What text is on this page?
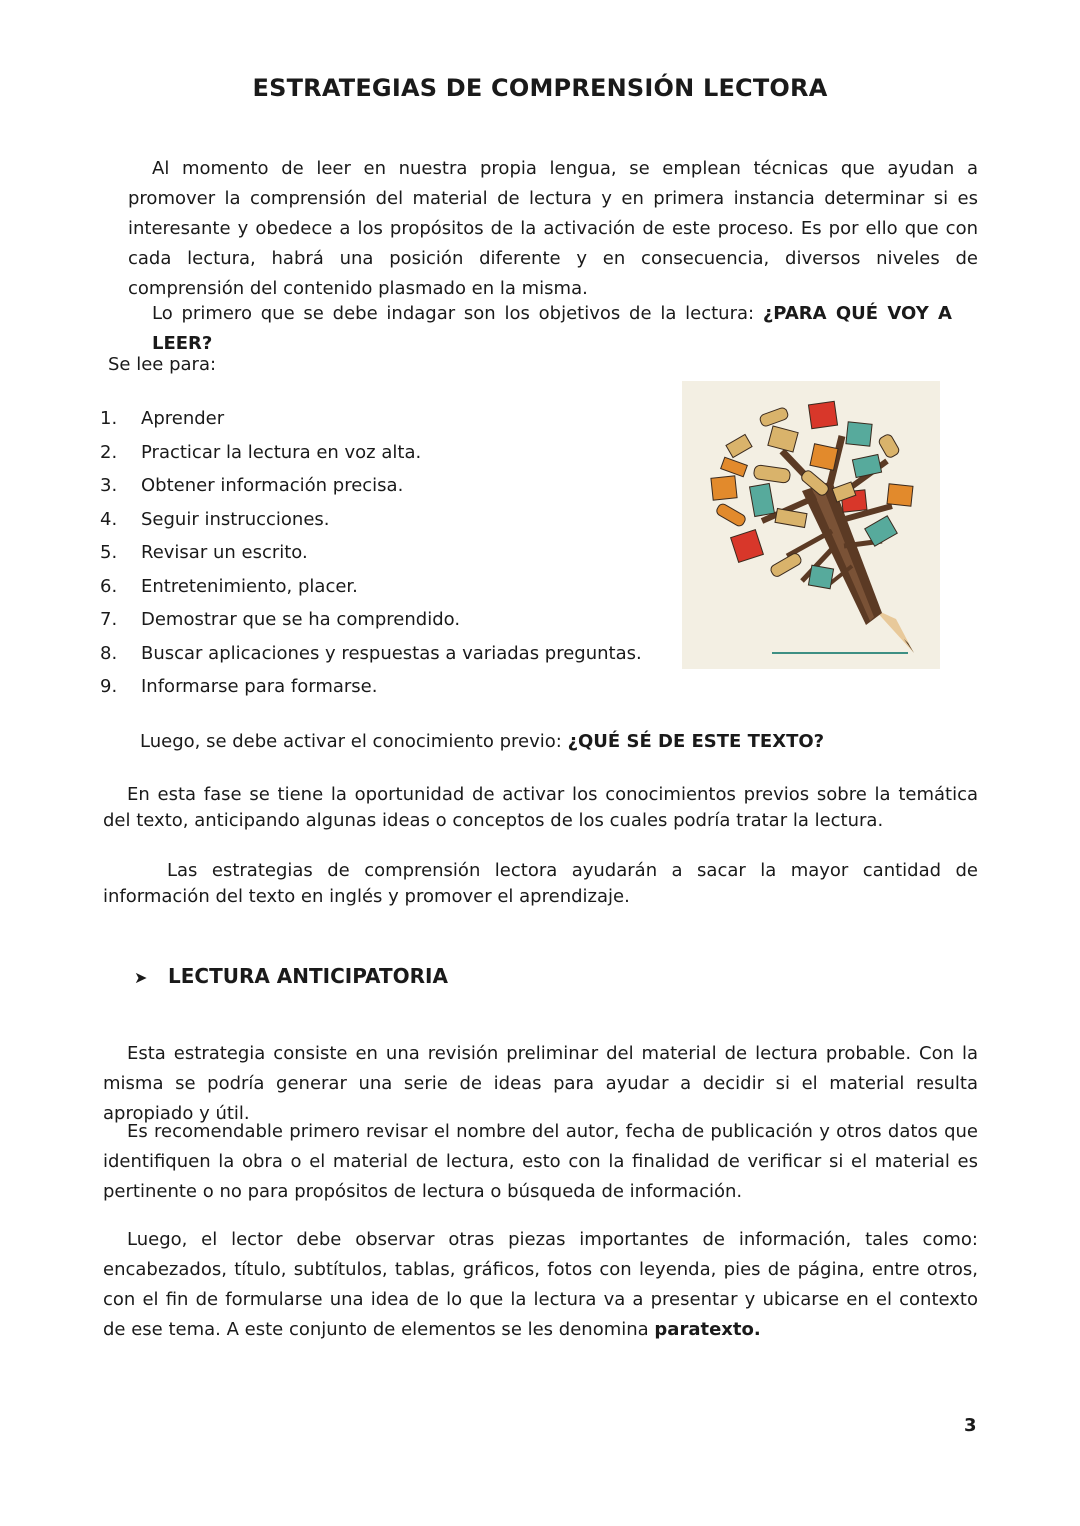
ESTRATEGIAS DE COMPRENSIÓN LECTORA
Al momento de leer en nuestra propia lengua, se emplean técnicas que ayudan a promover la comprensión del material de lectura y en primera instancia determinar si es interesante y obedece a los propósitos de la activación de este proceso. Es por ello que con cada lectura, habrá una posición diferente y en consecuencia, diversos niveles de comprensión del contenido plasmado en la misma.
Lo primero que se debe indagar son los objetivos de la lectura: ¿PARA QUÉ VOY A LEER?
Se lee para:
1. Aprender
2. Practicar la lectura en voz alta.
3. Obtener información precisa.
4. Seguir instrucciones.
5. Revisar un escrito.
6. Entretenimiento, placer.
7. Demostrar que se ha comprendido.
8. Buscar aplicaciones y respuestas a variadas preguntas.
9. Informarse para formarse.
Luego, se debe activar el conocimiento previo: ¿QUÉ SÉ DE ESTE TEXTO?
En esta fase se tiene la oportunidad de activar los conocimientos previos sobre la temática del texto, anticipando algunas ideas o conceptos de los cuales podría tratar la lectura.
Las estrategias de comprensión lectora ayudarán a sacar la mayor cantidad de información del texto en inglés y promover el aprendizaje.
➤ LECTURA ANTICIPATORIA
Esta estrategia consiste en una revisión preliminar del material de lectura probable. Con la misma se podría generar una serie de ideas para ayudar a decidir si el material resulta apropiado y útil.
Es recomendable primero revisar el nombre del autor, fecha de publicación y otros datos que identifiquen la obra o el material de lectura, esto con la finalidad de verificar si el material es pertinente o no para propósitos de lectura o búsqueda de información.
Luego, el lector debe observar otras piezas importantes de información, tales como: encabezados, título, subtítulos, tablas, gráficos, fotos con leyenda, pies de página, entre otros, con el fin de formularse una idea de lo que la lectura va a presentar y ubicarse en el contexto de ese tema. A este conjunto de elementos se les denomina paratexto.
3
